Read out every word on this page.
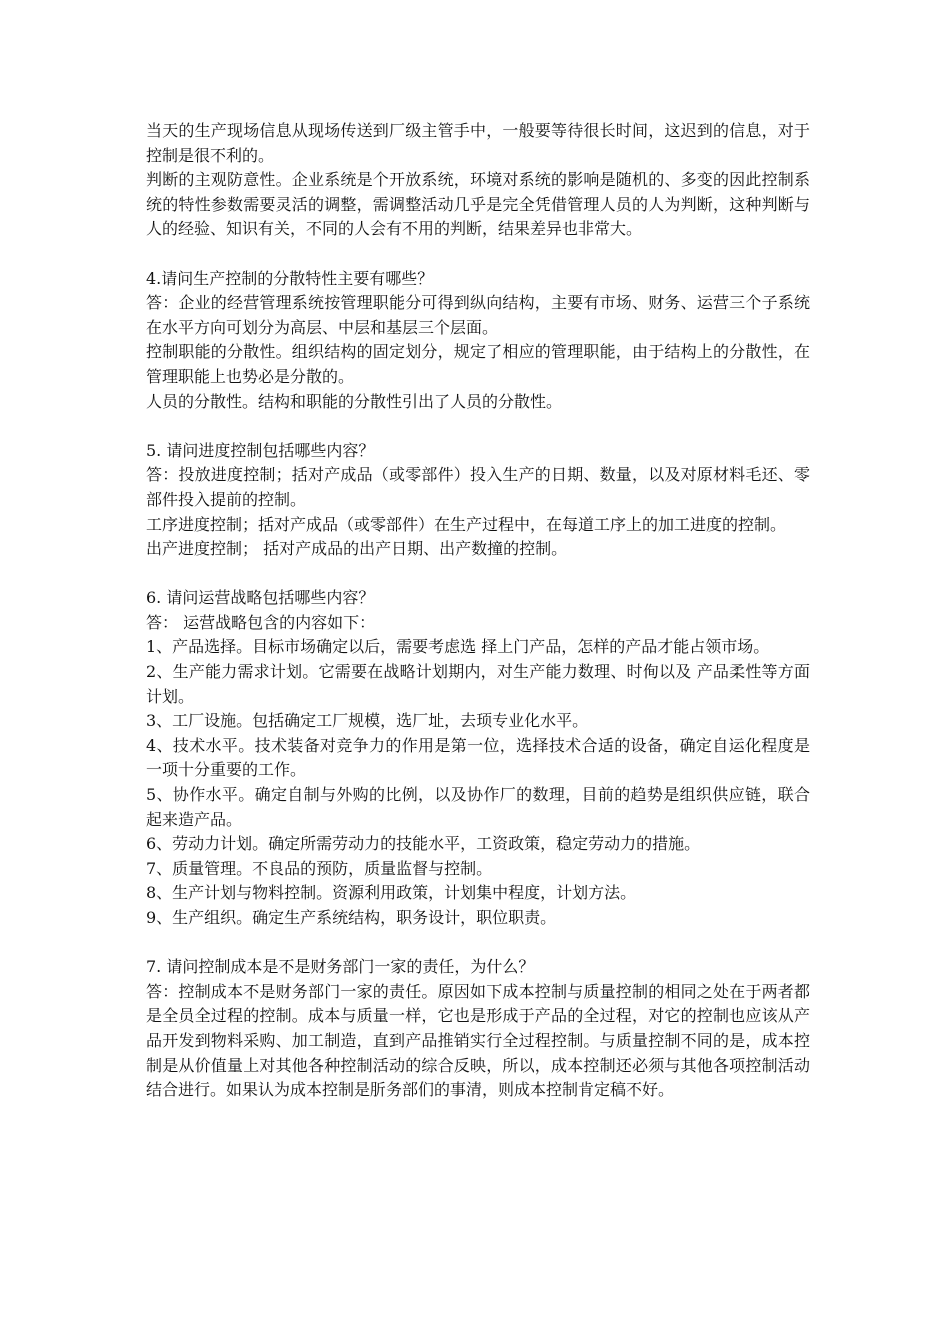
当天的生产现场信息从现场传送到厂级主管手中，一般要等待很长时间，这迟到的信息，对于控制是很不利的。

判断的主观防意性。企业系统是个开放系统，环境对系统的影响是随机的、多变的因此控制系统的特性参数需要灵活的调整，需调整活动几乎是完全凭借管理人员的人为判断，这种判断与人的经验、知识有关，不同的人会有不用的判断，结果差异也非常大。

4.请问生产控制的分散特性主要有哪些？

答：企业的经营管理系统按管理职能分可得到纵向结构，主要有市场、财务、运营三个子系统在水平方向可划分为高层、中层和基层三个层面。

控制职能的分散性。组织结构的固定划分，规定了相应的管理职能，由于结构上的分散性，在管理职能上也势必是分散的。

人员的分散性。结构和职能的分散性引出了人员的分散性。

5. 请问进度控制包括哪些内容？

答：投放进度控制；括对产成品（或零部件）投入生产的日期、数量，以及对原材料毛还、零部件投入提前的控制。

工序进度控制；括对产成品（或零部件）在生产过程中，在每道工序上的加工进度的控制。

出产进度控制； 括对产成品的出产日期、出产数撞的控制。

6. 请问运营战略包括哪些内容？

答： 运营战略包含的内容如下：

1、产品选择。目标市场确定以后，需要考虑选 择上门产品，怎样的产品才能占领市场。

2、生产能力需求计划。它需要在战略计划期内，对生产能力数理、时侚以及 产品柔性等方面计划。

3、工厂设施。包括确定工厂规模，选厂址，去顼专业化水平。

4、技术水平。技术装备对竞争力的作用是第一位，选择技术合适的设备，确定自运化程度是一项十分重要的工作。

5、协作水平。确定自制与外购的比例，以及协作厂的数理，目前的趋势是组织供应链，联合起来造产品。

6、劳动力计划。确定所需劳动力的技能水平，工资政策，稳定劳动力的措施。

7、质量管理。不良品的预防，质量监督与控制。

8、生产计划与物料控制。资源利用政策，计划集中程度，计划方法。

9、生产组织。确定生产系统结构，职务设计，职位职责。

7. 请问控制成本是不是财务部门一家的责任，为什么？

答：控制成本不是财务部门一家的责任。原因如下成本控制与质量控制的相同之处在于两者都是全员全过程的控制。成本与质量一样，它也是形成于产品的全过程，对它的控制也应该从产品开发到物料采购、加工制造，直到产品推销实行全过程控制。与质量控制不同的是，成本控制是从价值量上对其他各种控制活动的综合反映，所以，成本控制还必须与其他各项控制活动结合进行。如果认为成本控制是肵务部们的事清，则成本控制肯定稿不好。
